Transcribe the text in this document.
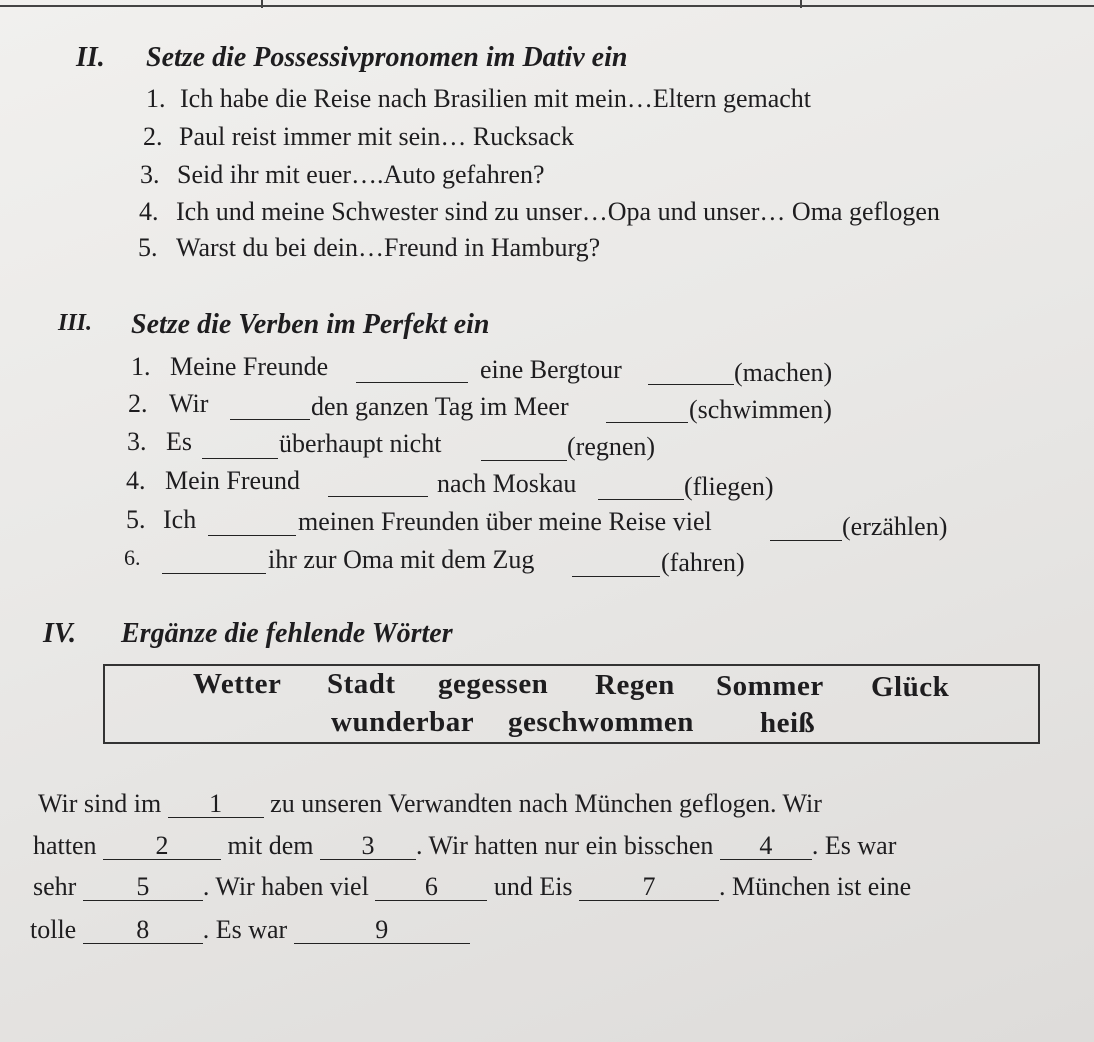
II. Setze die Possessivpronomen im Dativ ein
1. Ich habe die Reise nach Brasilien mit mein…Eltern gemacht
2. Paul reist immer mit sein… Rucksack
3. Seid ihr mit euer….Auto gefahren?
4. Ich und meine Schwester sind zu unser…Opa und unser… Oma geflogen
5. Warst du bei dein…Freund in Hamburg?
III. Setze die Verben im Perfekt ein
1. Meine Freunde	eine Bergtour	(machen)
2. Wir	den ganzen Tag im Meer	(schwimmen)
3. Es	überhaupt nicht	(regnen)
4. Mein Freund	nach Moskau	(fliegen)
5. Ich	meinen Freunden über meine Reise viel	(erzählen)
6.	ihr zur Oma mit dem Zug	(fahren)
IV. Ergänze die fehlende Wörter
Wetter Stadt gegessen Regen Sommer Glück
wunderbar geschwommen heiß
Wir sind im 1 zu unseren Verwandten nach München geflogen. Wir
hatten 2 mit dem 3 . Wir hatten nur ein bisschen 4 . Es war
sehr 5 . Wir haben viel 6 und Eis	7 . München ist eine
tolle 8 . Es war	9
